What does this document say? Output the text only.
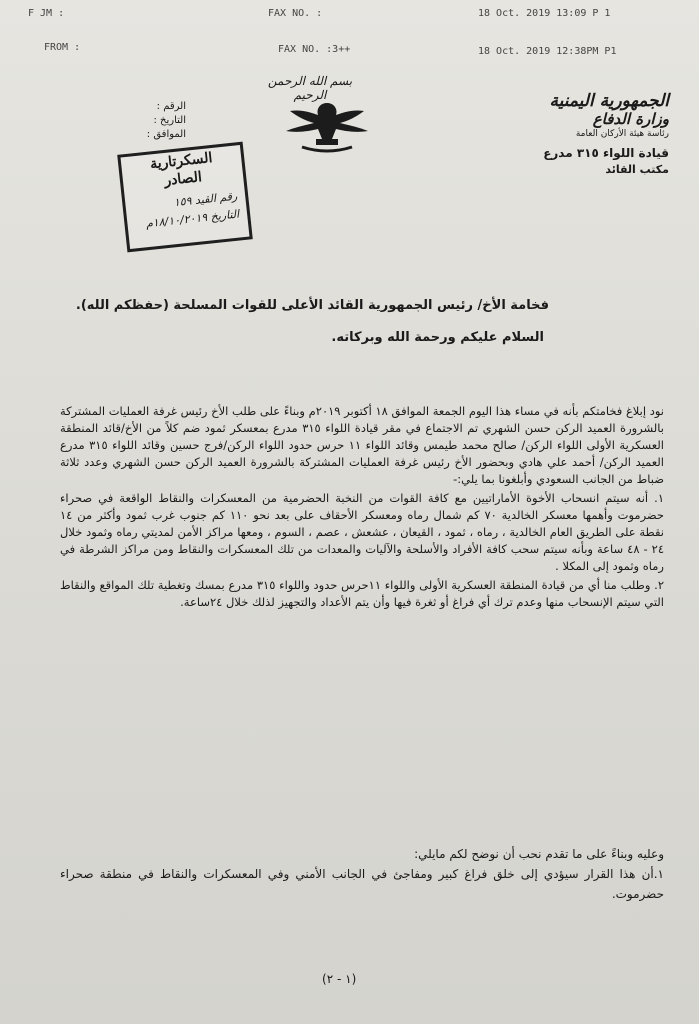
F JM :	FAX NO. :	18 Oct. 2019 13:09 P 1
FROM :	FAX NO. :3++	18 Oct. 2019 12:38PM P1
بسم الله الرحمن الرحيم	الجمهورية اليمنية
وزارة الدفاع
رئاسة هيئة الأركان العامة
قيادة اللواء ٣١٥ مدرع
مكتب القائد
الرقم :
التاريخ :
الموافق :
السكرتارية
الصادر
رقم القيد ١٥٩
التاريخ ١٨/١٠/٢٠١٩م
فخامة الأخ/ رئيس الجمهورية القائد الأعلى للقوات المسلحة (حفظكم الله).
السلام عليكم ورحمة الله وبركاته.

نود إبلاغ فخامتكم بأنه في مساء هذا اليوم الجمعة الموافق ١٨ أكتوبر ٢٠١٩م وبناءً على طلب الأخ رئيس غرفة العمليات المشتركة بالشرورة العميد الركن حسن الشهري تم الاجتماع في مقر قيادة اللواء ٣١٥ مدرع بمعسكر ثمود ضم كلاً من الأخ/قائد المنطقة العسكرية الأولى اللواء الركن/ صالح محمد طيمس وقائد اللواء ١١ حرس حدود اللواء الركن/فرج حسين وقائد اللواء ٣١٥ مدرع العميد الركن/ أحمد علي هادي وبحضور الأخ رئيس غرفة العمليات المشتركة بالشرورة العميد الركن حسن الشهري وعدد ثلاثة ضباط من الجانب السعودي وأبلغونا بما يلي:-

١. أنه سيتم انسحاب الأخوة الأماراتيين مع كافة القوات من النخبة الحضرمية من المعسكرات والنقاط الواقعة في صحراء حضرموت وأهمها معسكر الخالدية ٧٠ كم شمال رماه ومعسكر الأحقاف على بعد نحو ١١٠ كم جنوب غرب ثمود وأكثر من ١٤ نقطة على الطريق العام الخالدية ، رماه ، ثمود ، القيعان ، عشعش ، عصم ، السوم ، ومعها مراكز الأمن لمديتي رماه وثمود خلال ٢٤ - ٤٨ ساعة وبأنه سيتم سحب كافة الأفراد والأسلحة والآليات والمعدات من تلك المعسكرات والنقاط ومن مراكز الشرطة في رماه وثمود إلى المكلا .

٢. وطلب منا أي من قيادة المنطقة العسكرية الأولى واللواء ١١حرس حدود واللواء ٣١٥ مدرع بمسك وتغطية تلك المواقع والنقاط التي سيتم الإنسحاب منها وعدم ترك أي فراغ أو ثغرة فيها وأن يتم الأعداد والتجهيز لذلك خلال ٢٤ساعة.

وعليه وبناءً على ما تقدم نحب أن نوضح لكم مايلي:

١.أن هذا القرار سيؤدي إلى خلق فراغ كبير ومفاجئ في الجانب الأمني وفي المعسكرات والنقاط في منطقة صحراء حضرموت.

(١ - ٢)
